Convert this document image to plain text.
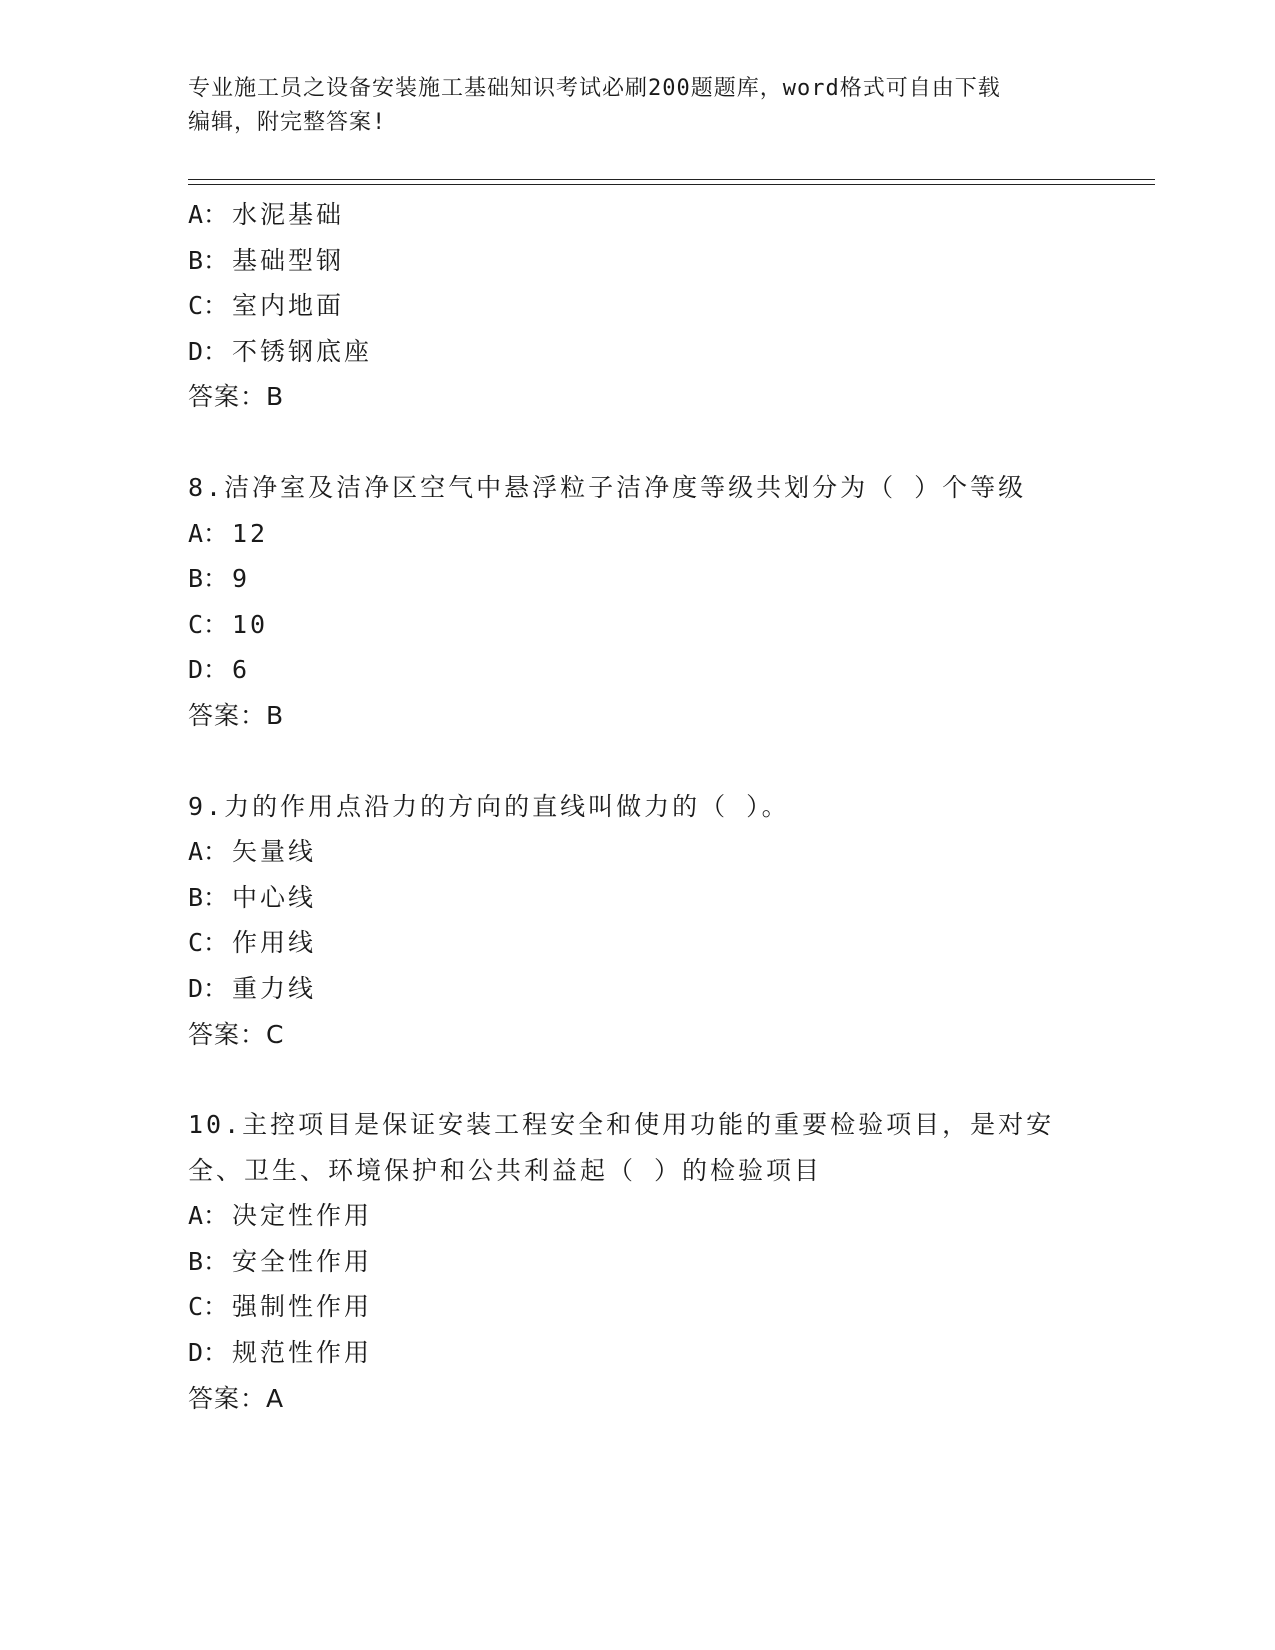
专业施工员之设备安装施工基础知识考试必刷200题题库，word格式可自由下载
编辑，附完整答案!
A： 水泥基础
B： 基础型钢
C： 室内地面
D： 不锈钢底座
答案：B
8.洁净室及洁净区空气中悬浮粒子洁净度等级共划分为（ ）个等级
A： 12
B： 9
C： 10
D： 6
答案：B
9.力的作用点沿力的方向的直线叫做力的（ ）。
A： 矢量线
B： 中心线
C： 作用线
D： 重力线
答案：C
10.主控项目是保证安装工程安全和使用功能的重要检验项目，是对安
全、卫生、环境保护和公共利益起（ ）的检验项目
A： 决定性作用
B： 安全性作用
C： 强制性作用
D： 规范性作用
答案：A
